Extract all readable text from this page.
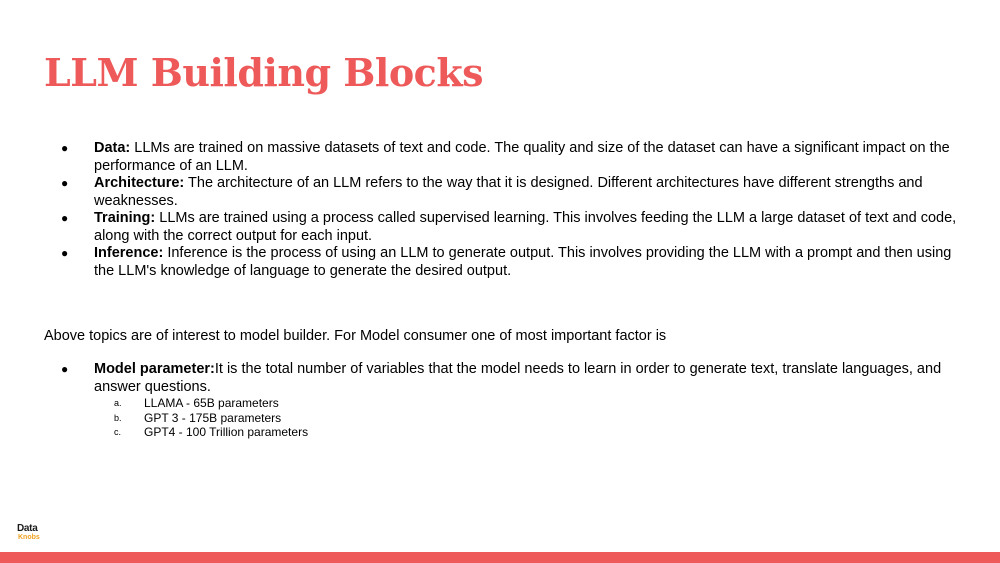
LLM Building Blocks
● Data: LLMs are trained on massive datasets of text and code. The quality and size of the dataset can have a significant impact on the performance of an LLM.
● Architecture: The architecture of an LLM refers to the way that it is designed. Different architectures have different strengths and weaknesses.
● Training: LLMs are trained using a process called supervised learning. This involves feeding the LLM a large dataset of text and code, along with the correct output for each input.
● Inference: Inference is the process of using an LLM to generate output. This involves providing the LLM with a prompt and then using the LLM's knowledge of language to generate the desired output.
Above topics are of interest to model builder. For Model consumer one of most important factor is
● Model parameter:It is the total number of variables that the model needs to learn in order to generate text, translate languages, and answer questions.
a. LLAMA - 65B parameters
b. GPT 3 - 175B parameters
c. GPT4 - 100 Trillion parameters
Data
Knobs
